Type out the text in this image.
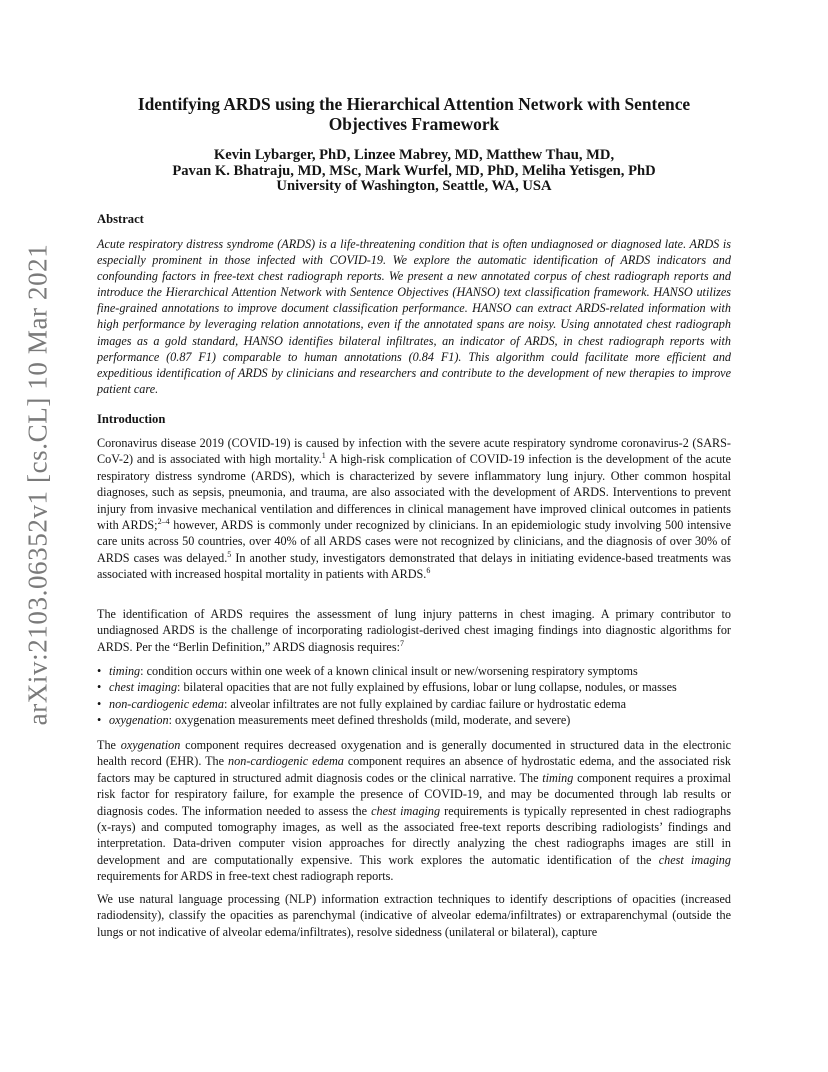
arXiv:2103.06352v1 [cs.CL] 10 Mar 2021
Identifying ARDS using the Hierarchical Attention Network with Sentence Objectives Framework
Kevin Lybarger, PhD, Linzee Mabrey, MD, Matthew Thau, MD,
Pavan K. Bhatraju, MD, MSc, Mark Wurfel, MD, PhD, Meliha Yetisgen, PhD
University of Washington, Seattle, WA, USA
Abstract
Acute respiratory distress syndrome (ARDS) is a life-threatening condition that is often undiagnosed or diagnosed late. ARDS is especially prominent in those infected with COVID-19. We explore the automatic identification of ARDS indicators and confounding factors in free-text chest radiograph reports. We present a new annotated corpus of chest radiograph reports and introduce the Hierarchical Attention Network with Sentence Objectives (HANSO) text classification framework. HANSO utilizes fine-grained annotations to improve document classification performance. HANSO can extract ARDS-related information with high performance by leveraging relation annotations, even if the annotated spans are noisy. Using annotated chest radiograph images as a gold standard, HANSO identifies bilateral infiltrates, an indicator of ARDS, in chest radiograph reports with performance (0.87 F1) comparable to human annotations (0.84 F1). This algorithm could facilitate more efficient and expeditious identification of ARDS by clinicians and researchers and contribute to the development of new therapies to improve patient care.
Introduction
Coronavirus disease 2019 (COVID-19) is caused by infection with the severe acute respiratory syndrome coronavirus-2 (SARS-CoV-2) and is associated with high mortality.$^1$ A high-risk complication of COVID-19 infection is the development of the acute respiratory distress syndrome (ARDS), which is characterized by severe inflammatory lung injury. Other common hospital diagnoses, such as sepsis, pneumonia, and trauma, are also associated with the development of ARDS. Interventions to prevent injury from invasive mechanical ventilation and differences in clinical management have improved clinical outcomes in patients with ARDS;$^{2-4}$ however, ARDS is commonly under recognized by clinicians. In an epidemiologic study involving 500 intensive care units across 50 countries, over 40% of all ARDS cases were not recognized by clinicians, and the diagnosis of over 30% of ARDS cases was delayed.$^5$ In another study, investigators demonstrated that delays in initiating evidence-based treatments was associated with increased hospital mortality in patients with ARDS.$^6$
The identification of ARDS requires the assessment of lung injury patterns in chest imaging. A primary contributor to undiagnosed ARDS is the challenge of incorporating radiologist-derived chest imaging findings into diagnostic algorithms for ARDS. Per the “Berlin Definition,” ARDS diagnosis requires:$^7$
• timing: condition occurs within one week of a known clinical insult or new/worsening respiratory symptoms
• chest imaging: bilateral opacities that are not fully explained by effusions, lobar or lung collapse, nodules, or masses
• non-cardiogenic edema: alveolar infiltrates are not fully explained by cardiac failure or hydrostatic edema
• oxygenation: oxygenation measurements meet defined thresholds (mild, moderate, and severe)
The oxygenation component requires decreased oxygenation and is generally documented in structured data in the electronic health record (EHR). The non-cardiogenic edema component requires an absence of hydrostatic edema, and the associated risk factors may be captured in structured admit diagnosis codes or the clinical narrative. The timing component requires a proximal risk factor for respiratory failure, for example the presence of COVID-19, and may be documented through lab results or diagnosis codes. The information needed to assess the chest imaging requirements is typically represented in chest radiographs (x-rays) and computed tomography images, as well as the associated free-text reports describing radiologists’ findings and interpretation. Data-driven computer vision approaches for directly analyzing the chest radiographs images are still in development and are computationally expensive. This work explores the automatic identification of the chest imaging requirements for ARDS in free-text chest radiograph reports.
We use natural language processing (NLP) information extraction techniques to identify descriptions of opacities (increased radiodensity), classify the opacities as parenchymal (indicative of alveolar edema/infiltrates) or extraparenchymal (outside the lungs or not indicative of alveolar edema/infiltrates), resolve sidedness (unilateral or bilateral), capture
